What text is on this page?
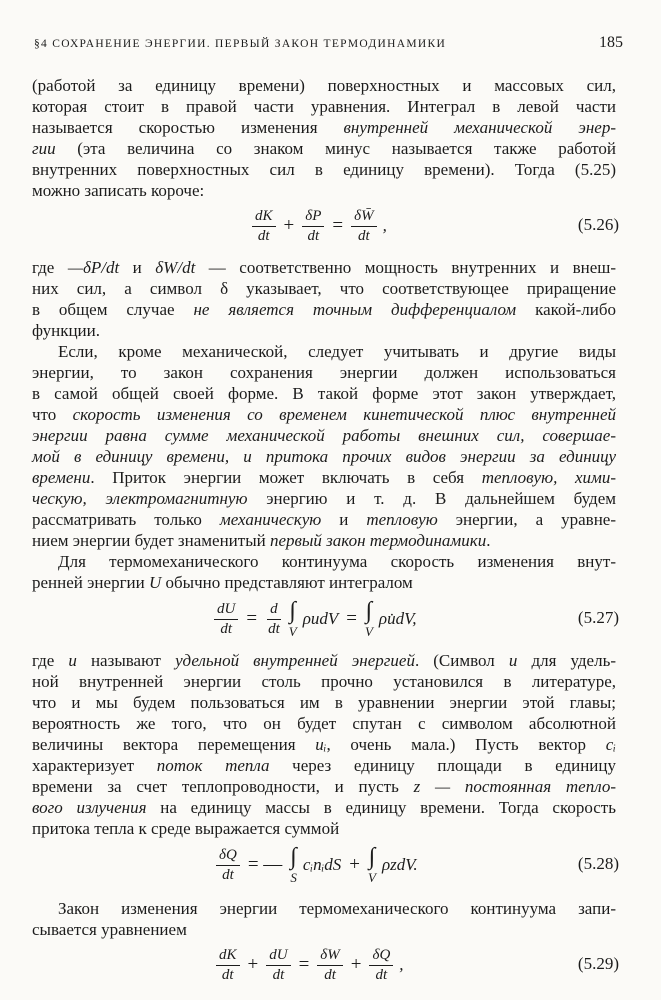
§4 СОХРАНЕНИЕ ЭНЕРГИИ. ПЕРВЫЙ ЗАКОН ТЕРМОДИНАМИКИ	185
(работой за единицу времени) поверхностных и массовых сил,
которая стоит в правой части уравнения. Интеграл в левой части
называется скоростью изменения внутренней механической энер-
гии (эта величина со знаком минус называется также работой
внутренних поверхностных сил в единицу времени). Тогда (5.25)
можно записать короче:
$\frac{dK}{dt} + \frac{\delta P}{dt} = \frac{\delta W̄}{dt}$ ,	(5.26)
где —δP/dt и δW/dt — соответственно мощность внутренних и внеш-
них сил, а символ δ указывает, что соответствующее приращение
в общем случае не является точным дифференциалом какой-либо
функции.
Если, кроме механической, следует учитывать и другие виды
энергии, то закон сохранения энергии должен использоваться
в самой общей своей форме. В такой форме этот закон утверждает,
что скорость изменения со временем кинетической плюс внутренней
энергии равна сумме механической работы внешних сил, совершае-
мой в единицу времени, и притока прочих видов энергии за единицу
времени. Приток энергии может включать в себя тепловую, хими-
ческую, электромагнитную энергию и т. д. В дальнейшем будем
рассматривать только механическую и тепловую энергии, а уравне-
нием энергии будет знаменитый первый закон термодинамики.
Для термомеханического континуума скорость изменения внут-
ренней энергии U обычно представляют интегралом
$\frac{dU}{dt} = \frac{d}{dt}$ ∫
V
ρudV = ∫
V
ρu̇dV,	(5.27)
где u называют удельной внутренней энергией. (Символ u для удель-
ной внутренней энергии столь прочно установился в литературе,
что и мы будем пользоваться им в уравнении энергии этой главы;
вероятность же того, что он будет спутан с символом абсолютной
величины вектора перемещения uᵢ, очень мала.) Пусть вектор cᵢ
характеризует поток тепла через единицу площади в единицу
времени за счет теплопроводности, и пусть z — постоянная тепло-
вого излучения на единицу массы в единицу времени. Тогда скорость
притока тепла к среде выражается суммой
$\frac{\delta Q}{dt}$ = — ∫
S
cᵢnᵢdS + ∫
V
ρzdV.	(5.28)
Закон изменения энергии термомеханического континуума запи-
сывается уравнением
$\frac{dK}{dt} + \frac{dU}{dt} = \frac{\delta W}{dt} + \frac{\delta Q}{dt}$ ,	(5.29)
